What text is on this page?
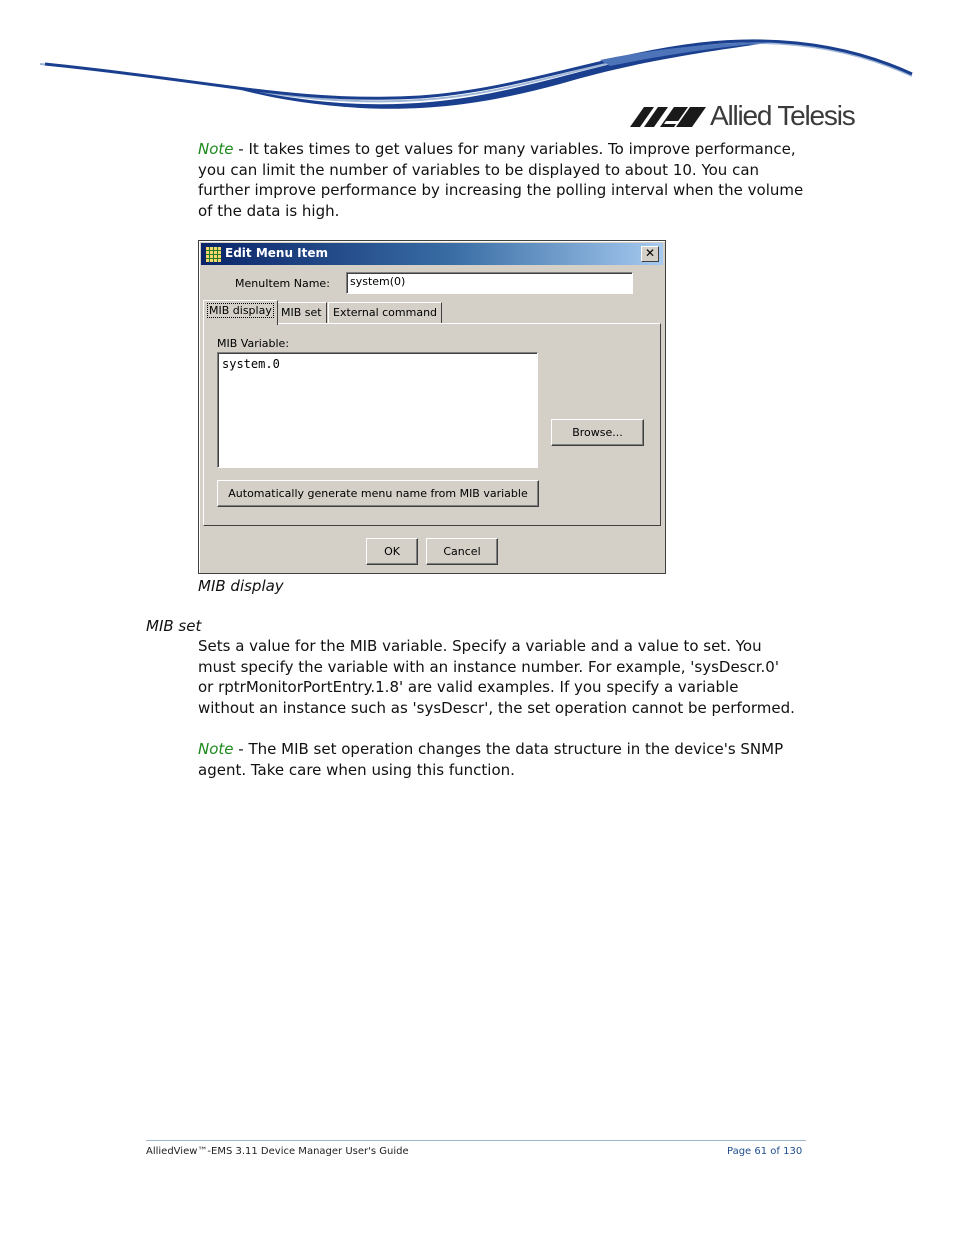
Allied Telesis
Note - It takes times to get values for many variables. To improve performance, you can limit the number of variables to be displayed to about 10. You can further improve performance by increasing the polling interval when the volume of the data is high.
Edit Menu Item	✕
MenuItem Name:	system(0)
MIB display MIB set	External command
MIB Variable:
system.0
Browse...
Automatically generate menu name from MIB variable
OK	Cancel
MIB display
MIB set
Sets a value for the MIB variable. Specify a variable and a value to set. You must specify the variable with an instance number. For example, 'sysDescr.0' or rptrMonitorPortEntry.1.8' are valid examples. If you specify a variable without an instance such as 'sysDescr', the set operation cannot be performed.
Note - The MIB set operation changes the data structure in the device's SNMP agent. Take care when using this function.
AlliedView™-EMS 3.11 Device Manager User's Guide	Page 61 of 130
